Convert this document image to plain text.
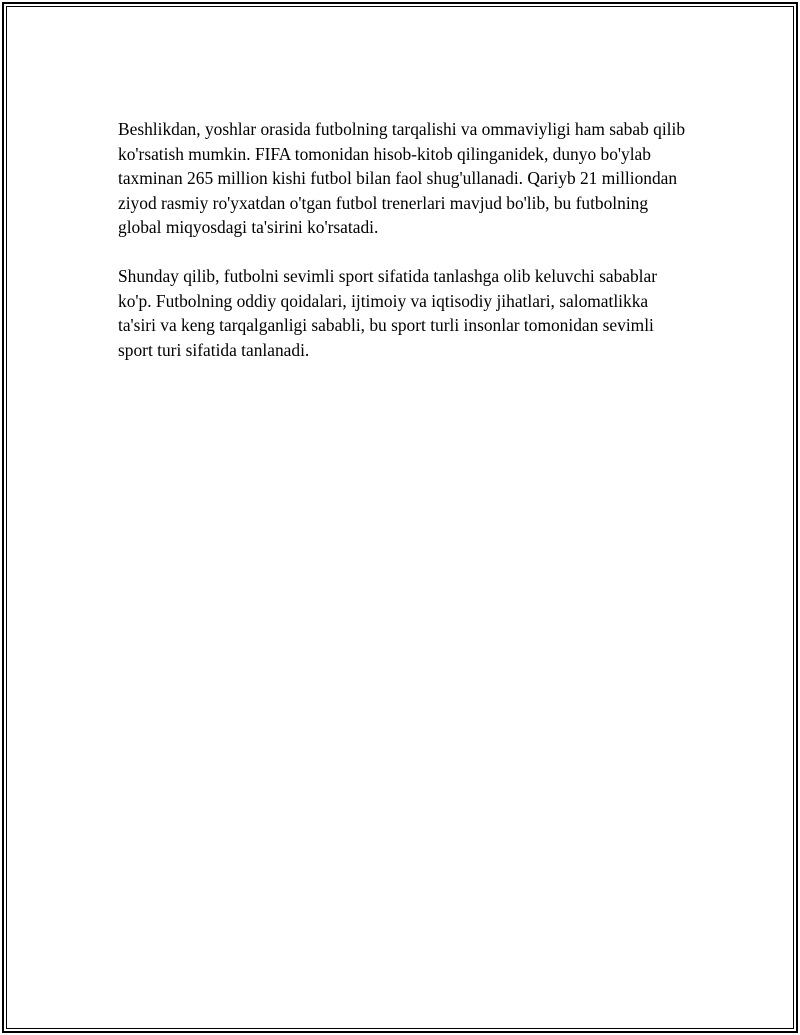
Beshlikdan, yoshlar orasida futbolning tarqalishi va ommaviyligi ham sabab qilib ko'rsatish mumkin. FIFA tomonidan hisob-kitob qilinganidek, dunyo bo'ylab taxminan 265 million kishi futbol bilan faol shug'ullanadi. Qariyb 21 milliondan ziyod rasmiy ro'yxatdan o'tgan futbol trenerlari mavjud bo'lib, bu futbolning global miqyosdagi ta'sirini ko'rsatadi.

Shunday qilib, futbolni sevimli sport sifatida tanlashga olib keluvchi sabablar ko'p. Futbolning oddiy qoidalari, ijtimoiy va iqtisodiy jihatlari, salomatlikka ta'siri va keng tarqalganligi sababli, bu sport turli insonlar tomonidan sevimli sport turi sifatida tanlanadi.
